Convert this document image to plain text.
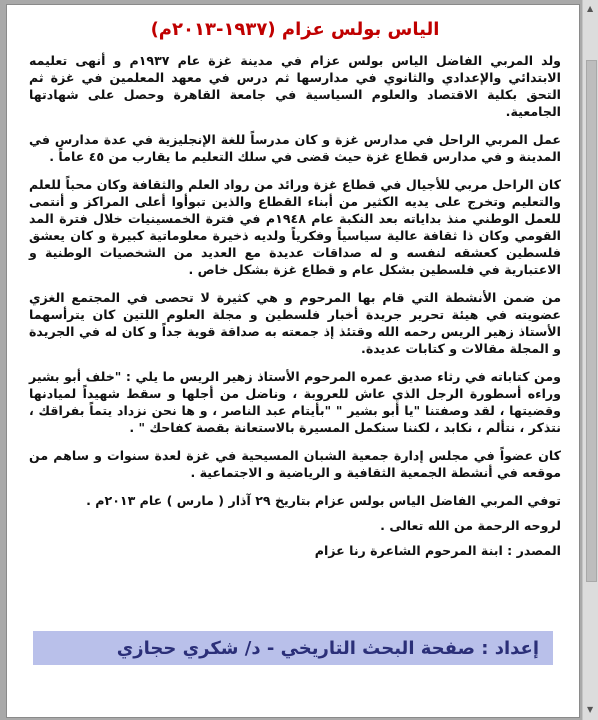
الياس بولس عزام (١٩٣٧-٢٠١٣م)
ولد المربي الفاضل الياس بولس عزام في مدينة غزة عام ١٩٣٧م و أنهى تعليمه الابتدائي والإعدادي والثانوي في مدارسها ثم درس في معهد المعلمين في غزة ثم التحق بكلية الاقتصاد والعلوم السياسية في جامعة القاهرة وحصل على شهادتها الجامعية.
عمل المربي الراحل في مدارس غزة و كان مدرساً للغة الإنجليزية في عدة مدارس في المدينة و في مدارس قطاع غزة حيث قضى في سلك التعليم ما يقارب من ٤٥ عاماً .
كان الراحل مربي للأجيال في قطاع غزة ورائد من رواد العلم والثقافة وكان محباً للعلم والتعليم وتخرج على يديه الكثير من أبناء القطاع والذين تبوأوا أعلى المراكز و أنتمى للعمل الوطني منذ بداياته بعد النكبة عام ١٩٤٨م في فترة الخمسينيات خلال فترة المد القومي وكان ذا ثقافة عالية سياسياً وفكرياً ولديه ذخيرة معلوماتية كبيرة و كان يعشق فلسطين كعشقه لنفسه و له صداقات عديدة مع العديد من الشخصيات الوطنية و الاعتبارية في فلسطين بشكل عام و قطاع غزة بشكل خاص .
من ضمن الأنشطة التي قام بها المرحوم و هي كثيرة لا تحصى في المجتمع الغزي عضويته في هيئة تحرير جريدة أخبار فلسطين و مجلة العلوم اللتين كان يترأسهما الأستاذ زهير الريس رحمه الله وقتئذ إذ جمعته به صداقة قوية جداً و كان له في الجريدة و المجلة مقالات و كتابات عديدة.
ومن كتاباته في رثاء صديق عمره المرحوم الأستاذ زهير الريس ما يلي : "خلف أبو بشير وراءه أسطورة الرجل الذي عاش للعروبة ، وناضل من أجلها و سقط شهيداً لميادنها وقضيتها ، لقد وصفتنا "يا أبو بشير " "بأيتام عبد الناصر ، و ها نحن نزداد يتماً بفراقك ، نتذكر ، نتألم ، نكابد ، لكننا سنكمل المسيرة بالاستعانة بقصة كفاحك " .
كان عضواً في مجلس إدارة جمعية الشبان المسيحية في غزة لعدة سنوات و ساهم من موقعه في أنشطة الجمعية الثقافية و الرياضية و الاجتماعية .
توفي المربي الفاضل الياس بولس عزام بتاريخ ٢٩ آذار ( مارس ) عام ٢٠١٣م .
لروحه الرحمة من الله تعالى .
المصدر : ابنة المرحوم الشاعرة رنا عزام
إعداد : صفحة البحث التاريخي - د/ شكري حجازي
▲
▼
